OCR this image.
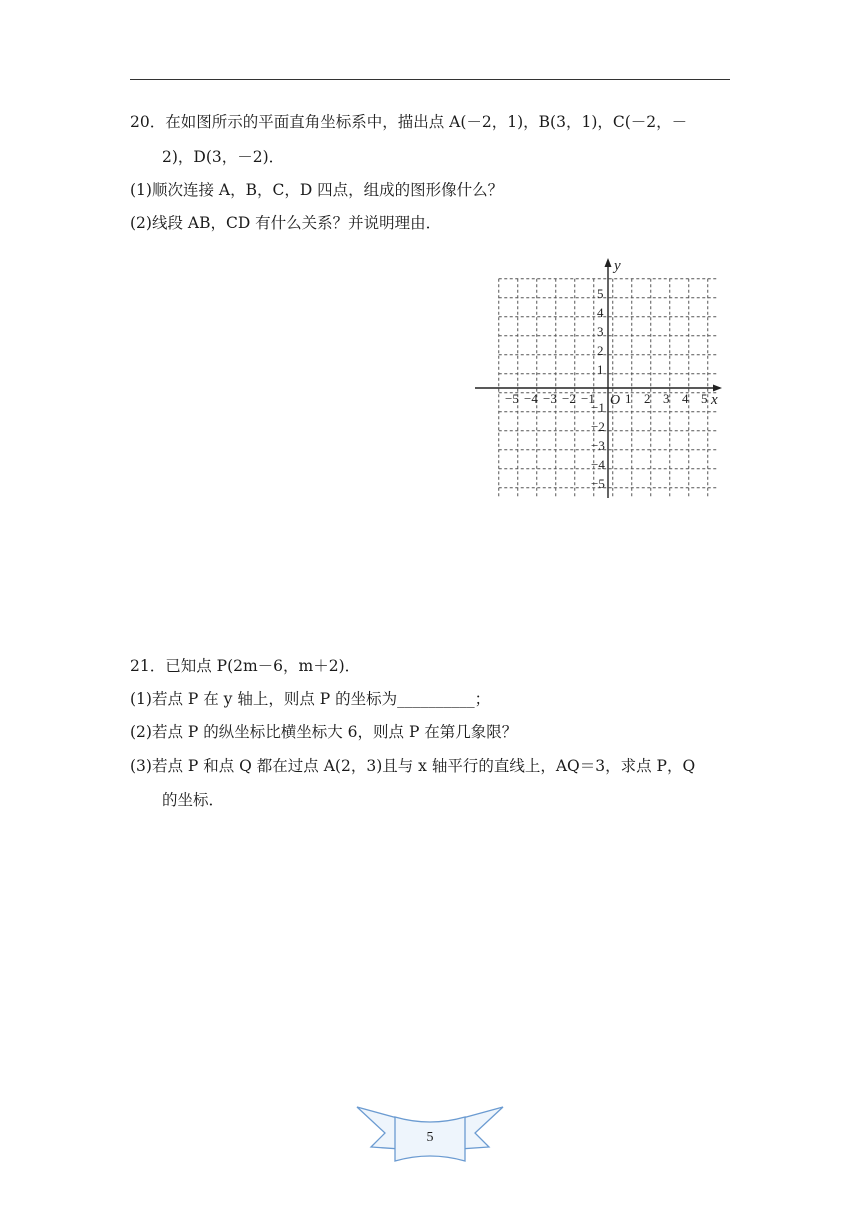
20．在如图所示的平面直角坐标系中，描出点 A(－2，1)，B(3，1)，C(－2，－
2)，D(3，－2)．
(1)顺次连接 A，B，C，D 四点，组成的图形像什么？
(2)线段 AB，CD 有什么关系？并说明理由．
x
y
O
−5 −4 −3 −2 −1 1 2 3 4 5
5
4
3
2
1
−1
−2
−3
−4
−5
21．已知点 P(2m－6，m＋2)．
(1)若点 P 在 y 轴上，则点 P 的坐标为__________；
(2)若点 P 的纵坐标比横坐标大 6，则点 P 在第几象限？
(3)若点 P 和点 Q 都在过点 A(2，3)且与 x 轴平行的直线上，AQ＝3，求点 P，Q
的坐标．
5
